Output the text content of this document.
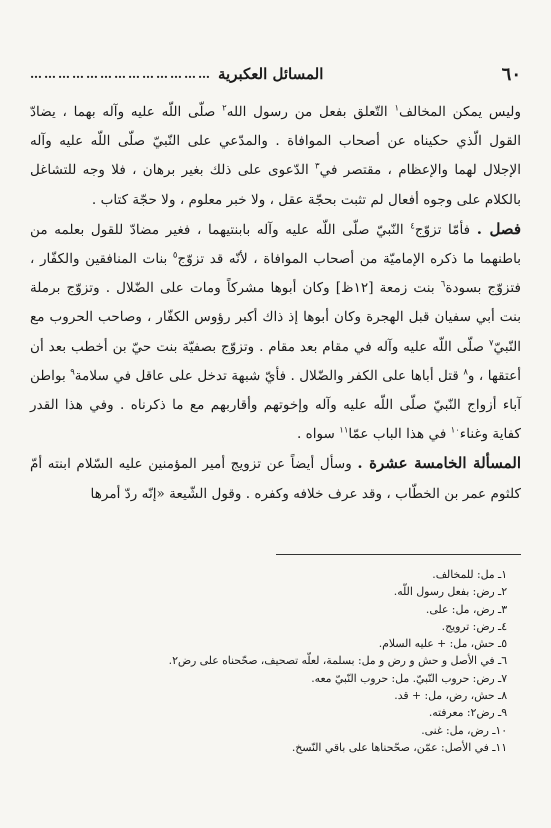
٦٠
المسائل العكبرية
…………………………………

وليس يمكن المخالف$^١$ التّعلق بفعل من رسول الله$^٢$ صلّى اللّه عليه وآله بهما ، يضادّ القول الّذي حكيناه عن أصحاب الموافاة . والمدّعي على النّبيّ صلّى اللّه عليه وآله الإجلال لهما والإعظام ، مقتصر في$^٣$ الدّعوى على ذلك بغير برهان ، فلا وجه للتشاغل بالكلام على وجوه أفعال لم تثبت بحجّة عقل ، ولا خبر معلوم ، ولا حجّة كتاب .

فصل . فأمّا تزوّج$^٤$ النّبيّ صلّى اللّه عليه وآله بابنتيهما ، فغير مضادّ للقول بعلمه من باطنهما ما ذكره الإماميّة من أصحاب الموافاة ، لأنّه قد تزوّج$^٥$ بنات المنافقين والكفّار ، فتزوّج بسودة$^٦$ بنت زمعة [١٢ظ] وكان أبوها مشركاً ومات على الضّلال . وتزوّج برملة بنت أبي سفيان قبل الهجرة وكان أبوها إذ ذاك أكبر رؤوس الكفّار ، وصاحب الحروب مع النّبيّ$^٧$ صلّى اللّه عليه وآله في مقام بعد مقام . وتزوّج بصفيّة بنت حيّ بن أخطب بعد أن أعتقها ، و$^٨$ قتل أباها على الكفر والضّلال . فأيّ شبهة تدخل على عاقل في سلامة$^٩$ بواطن آباء أزواج النّبيّ صلّى اللّه عليه وآله وإخوتهم وأقاربهم مع ما ذكرناه . وفي هذا القدر كفاية وغناء$^{١٠}$ في هذا الباب عمّا$^{١١}$ سواه .

المسألة الخامسة عشرة . وسأل أيضاً عن تزويج أمير المؤمنين عليه السّلام ابنته أمّ كلثوم عمر بن الخطّاب ، وقد عرف خلافه وكفره . وقول الشّيعة «إنّه ردّ أمرها

١ـ مل: للمخالف.
٢ـ رض: بفعل رسول اللّه.
٣ـ رض، مل: على.
٤ـ رض: ترويج.
٥ـ حش، مل: + عليه السلام.
٦ـ في الأصل و حش و رض و مل: بسلمة، لعلّه تصحيف، صحّحناه على رض٢.
٧ـ رض: حروب النّبيّ. مل: حروب النّبيّ معه.
٨ـ حش، رض، مل: + قد.
٩ـ رض٢: معرفته.
١٠ـ رض، مل: غنى.
١١ـ في الأصل: عمّن، صحّحناها على باقي النّسخ.
